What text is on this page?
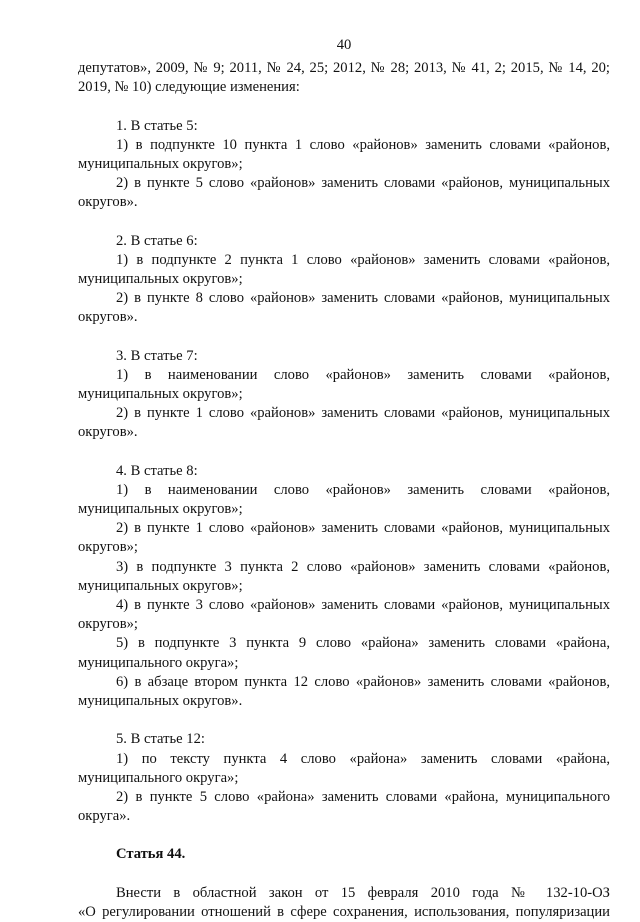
40

депутатов», 2009, № 9; 2011, № 24, 25; 2012, № 28; 2013, № 41, 2; 2015, № 14, 20;

2019, № 10) следующие изменения:

1. В статье 5:

1) в подпункте 10 пункта 1 слово «районов» заменить словами «районов, муниципальных округов»;

2) в пункте 5 слово «районов» заменить словами «районов, муниципальных округов».

2. В статье 6:

1) в подпункте 2 пункта 1 слово «районов» заменить словами «районов, муниципальных округов»;

2) в пункте 8 слово «районов» заменить словами «районов, муниципальных округов».

3. В статье 7:

1) в наименовании слово «районов» заменить словами «районов, муниципальных округов»;

2) в пункте 1 слово «районов» заменить словами «районов, муниципальных округов».

4. В статье 8:

1) в наименовании слово «районов» заменить словами «районов, муниципальных округов»;

2) в пункте 1 слово «районов» заменить словами «районов, муниципальных округов»;

3) в подпункте 3 пункта 2 слово «районов» заменить словами «районов, муниципальных округов»;

4) в пункте 3 слово «районов» заменить словами «районов, муниципальных округов»;

5) в подпункте 3 пункта 9 слово «района» заменить словами «района, муниципального округа»;

6) в абзаце втором пункта 12 слово «районов» заменить словами «районов, муниципальных округов».

5. В статье 12:

1) по тексту пункта 4 слово «района» заменить словами «района, муниципального округа»;

2) в пункте 5 слово «района» заменить словами «района, муниципального округа».

Статья 44.

Внести в областной закон от 15 февраля 2010 года № 132-10-ОЗ

«О регулировании отношений в сфере сохранения, использования, популяризации
